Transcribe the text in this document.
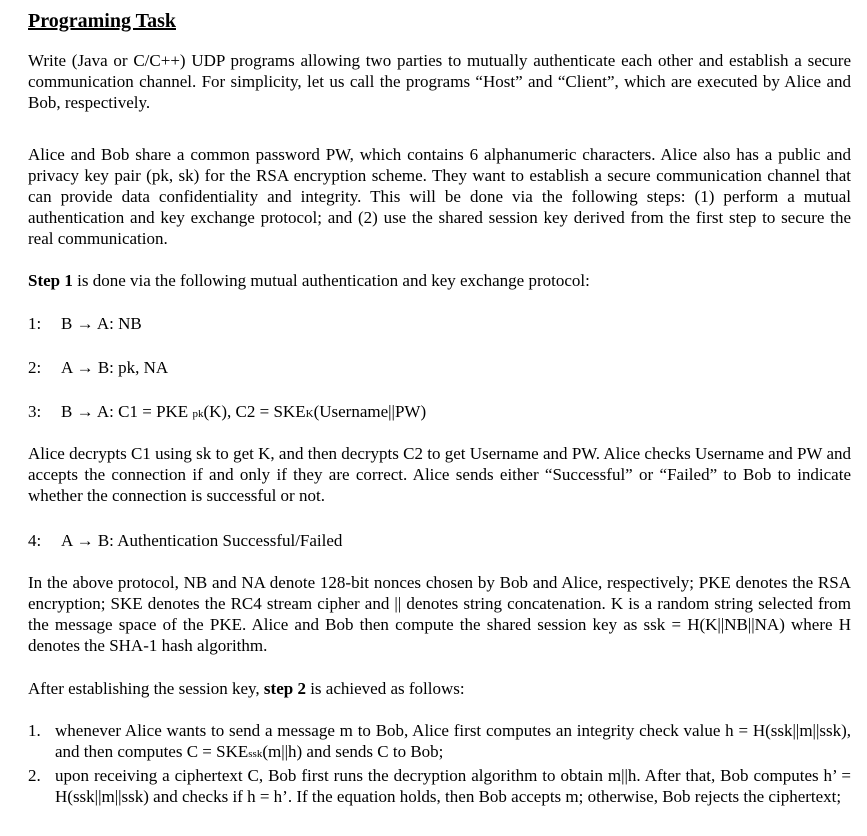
Programing Task
Write (Java or C/C++) UDP programs allowing two parties to mutually authenticate each other and establish a secure communication channel. For simplicity, let us call the programs “Host” and “Client”, which are executed by Alice and Bob, respectively.
Alice and Bob share a common password PW, which contains 6 alphanumeric characters. Alice also has a public and privacy key pair (pk, sk) for the RSA encryption scheme. They want to establish a secure communication channel that can provide data confidentiality and integrity. This will be done via the following steps: (1) perform a mutual authentication and key exchange protocol; and (2) use the shared session key derived from the first step to secure the real communication.
Step 1 is done via the following mutual authentication and key exchange protocol:
1: B → A: NB
2: A → B: pk, NA
3: B → A: C1 = PKE pk(K), C2 = SKEK(Username||PW)
Alice decrypts C1 using sk to get K, and then decrypts C2 to get Username and PW. Alice checks Username and PW and accepts the connection if and only if they are correct. Alice sends either “Successful” or “Failed” to Bob to indicate whether the connection is successful or not.
4: A → B: Authentication Successful/Failed
In the above protocol, NB and NA denote 128-bit nonces chosen by Bob and Alice, respectively; PKE denotes the RSA encryption; SKE denotes the RC4 stream cipher and || denotes string concatenation. K is a random string selected from the message space of the PKE. Alice and Bob then compute the shared session key as ssk = H(K||NB||NA) where H denotes the SHA-1 hash algorithm.
After establishing the session key, step 2 is achieved as follows:
1. whenever Alice wants to send a message m to Bob, Alice first computes an integrity check value h = H(ssk||m||ssk), and then computes C = SKEssk(m||h) and sends C to Bob;
2. upon receiving a ciphertext C, Bob first runs the decryption algorithm to obtain m||h. After that, Bob computes h’ = H(ssk||m||ssk) and checks if h = h’. If the equation holds, then Bob accepts m; otherwise, Bob rejects the ciphertext;
